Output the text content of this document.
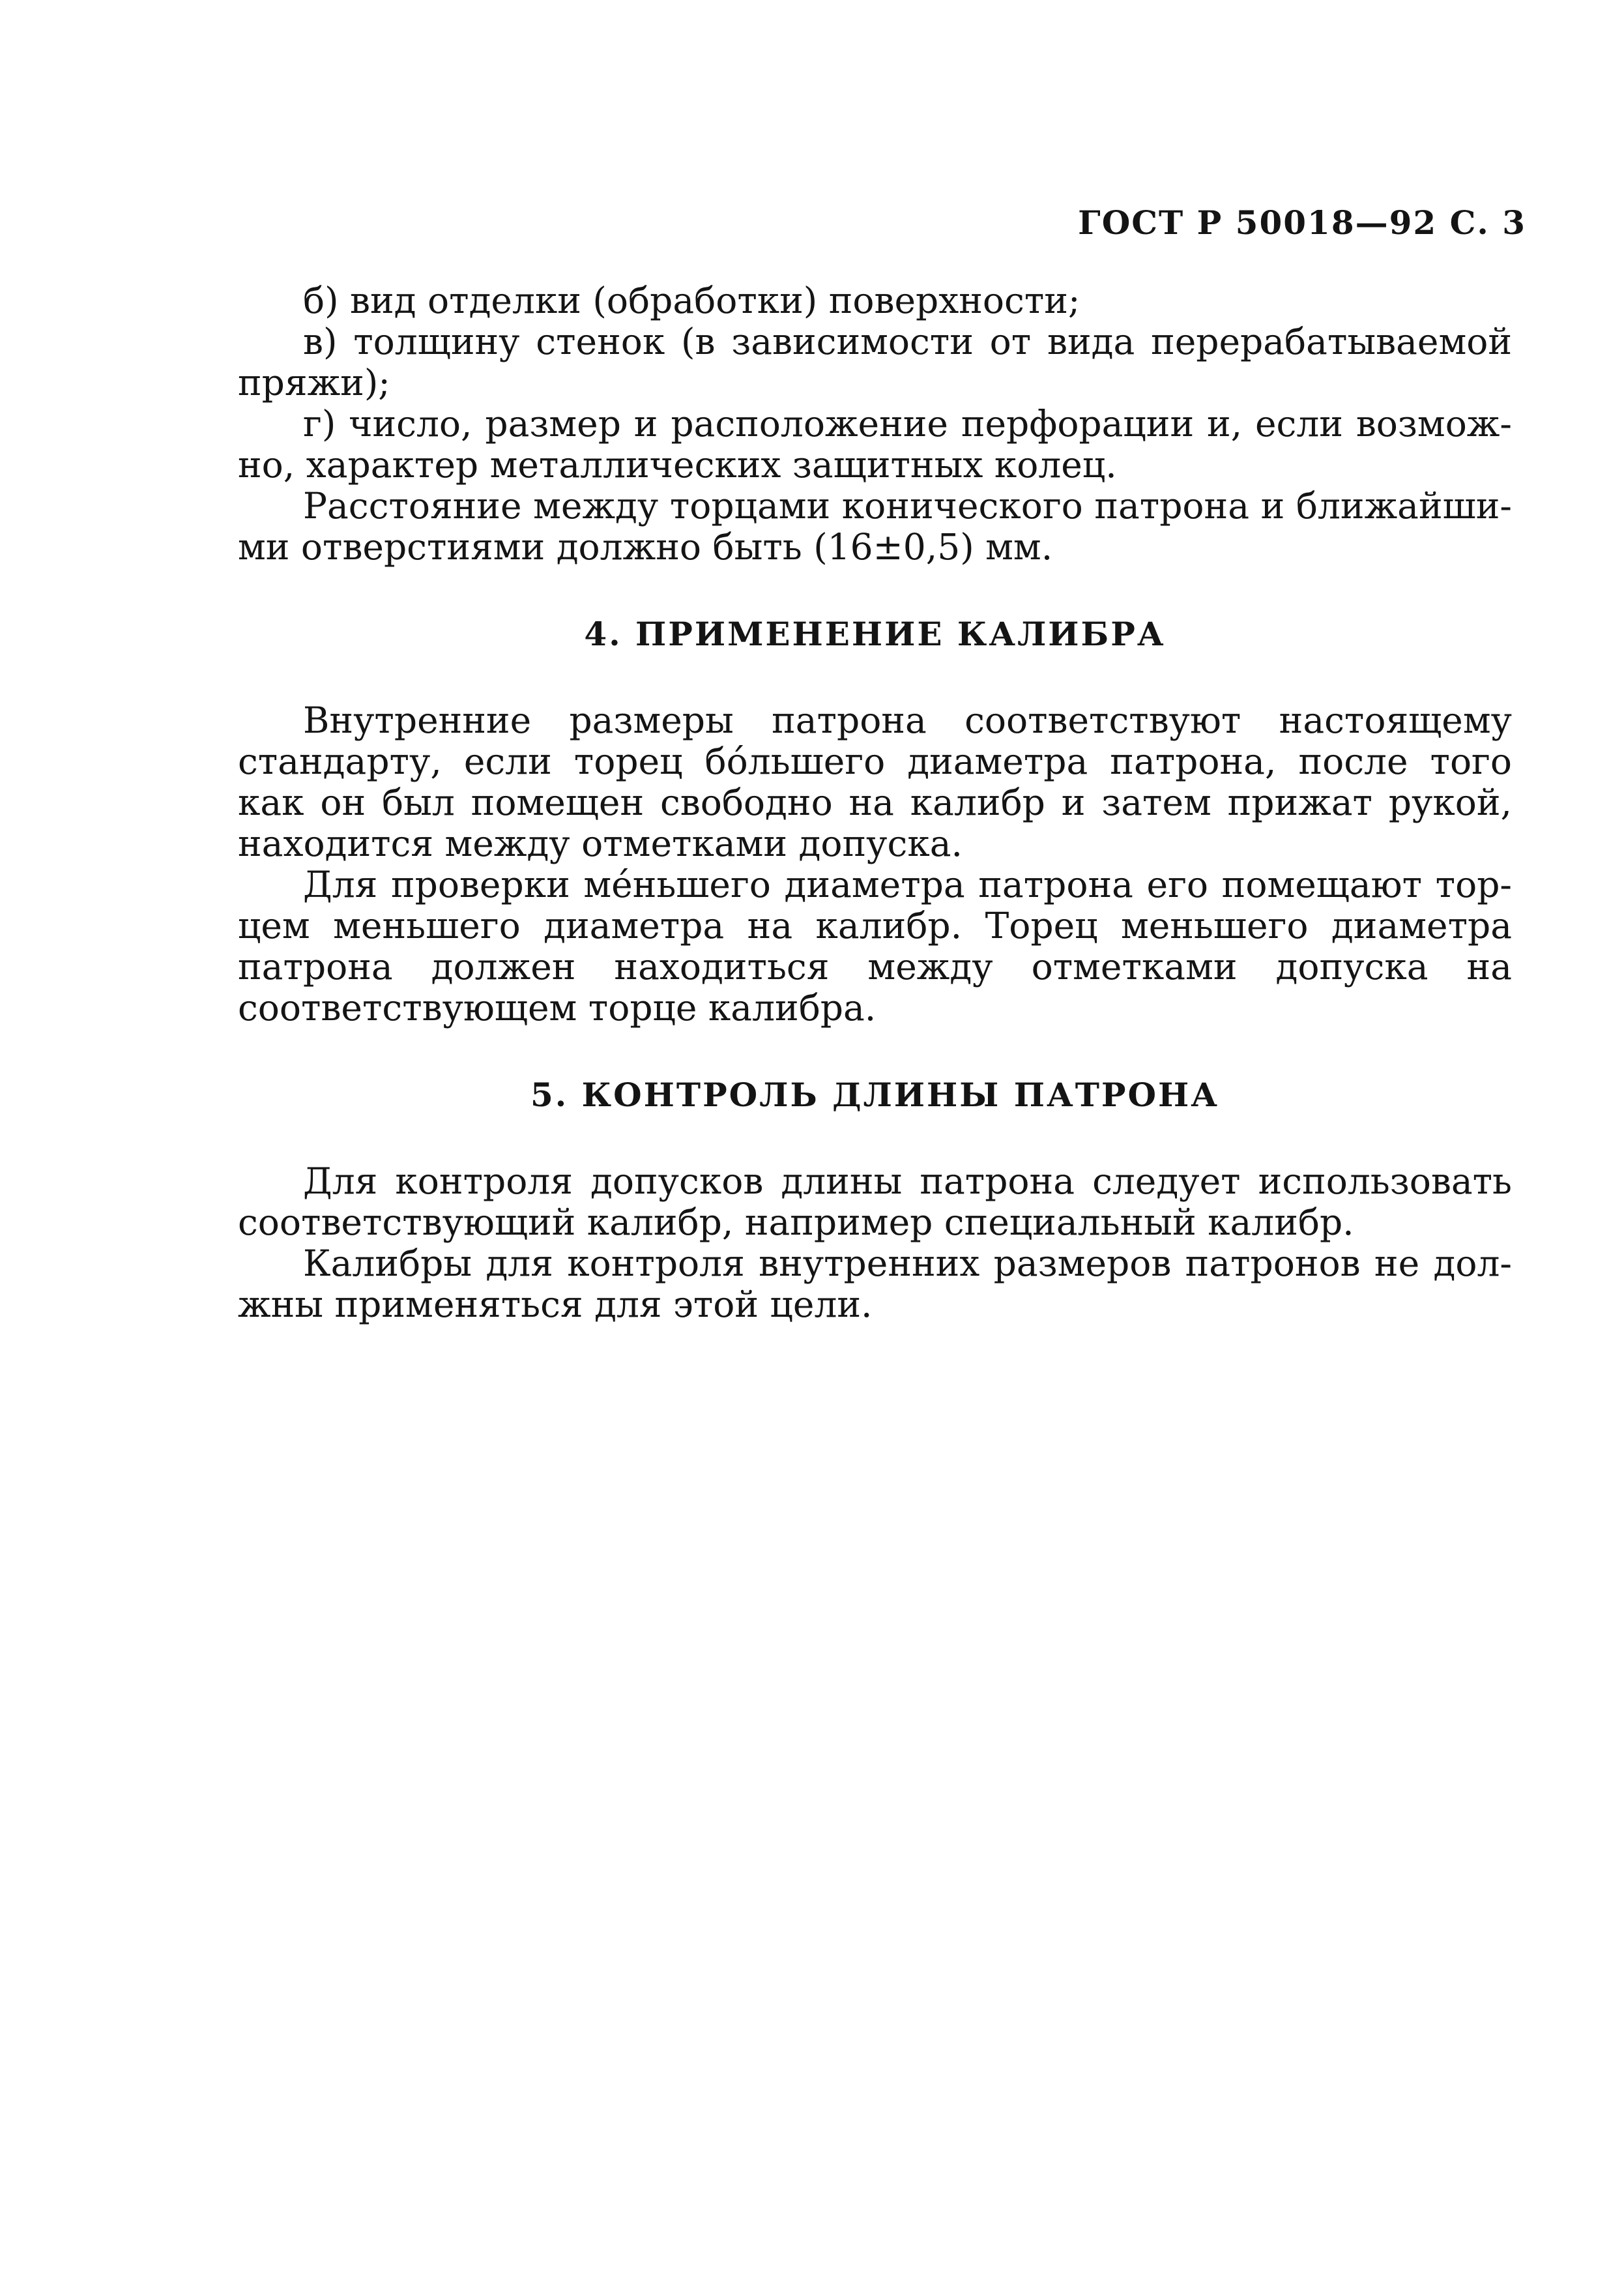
ГОСТ Р 50018—92 С. 3

б) вид отделки (обработки) поверхности;

в) толщину стенок (в зависимости от вида перерабатываемой пряжи);

г) число, размер и расположение перфорации и, если возможно, характер металлических защитных колец.

Расстояние между торцами конического патрона и ближайшими отверстиями должно быть (16±0,5) мм.

4. ПРИМЕНЕНИЕ КАЛИБРА

Внутренние размеры патрона соответствуют настоящему стандарту, если торец бóльшего диаметра патрона, после того как он был помещен свободно на калибр и затем прижат рукой, находится между отметками допуска.

Для проверки мéньшего диаметра патрона его помещают торцем меньшего диаметра на калибр. Торец меньшего диаметра патрона должен находиться между отметками допуска на соответствующем торце калибра.

5. КОНТРОЛЬ ДЛИНЫ ПАТРОНА

Для контроля допусков длины патрона следует использовать соответствующий калибр, например специальный калибр.

Калибры для контроля внутренних размеров патронов не должны применяться для этой цели.
